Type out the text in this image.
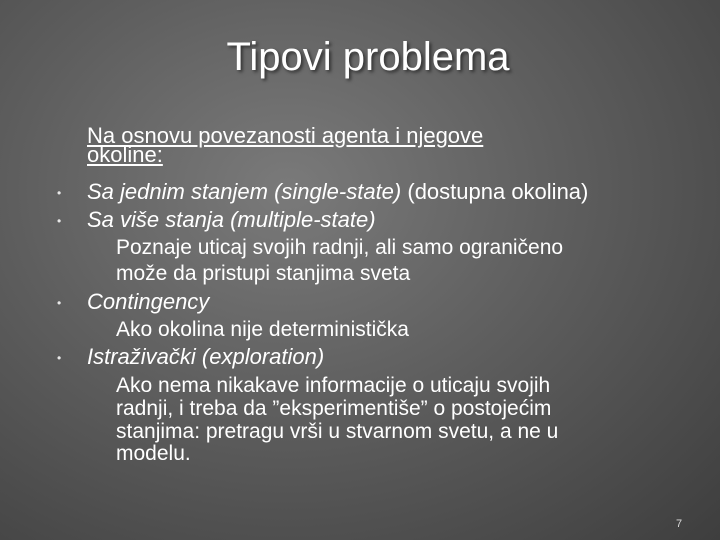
Tipovi problema
Na osnovu povezanosti agenta i njegove
okoline:
• Sa jednim stanjem (single-state) (dostupna okolina)
• Sa više stanja (multiple-state)
Poznaje uticaj svojih radnji, ali samo ograničeno
može da pristupi stanjima sveta
• Contingency
Ako okolina nije deterministička
• Istraživački (exploration)
Ako nema nikakave informacije o uticaju svojih
radnji, i treba da ”eksperimentiše” o postojećim
stanjima: pretragu vrši u stvarnom svetu, a ne u
modelu.
7
